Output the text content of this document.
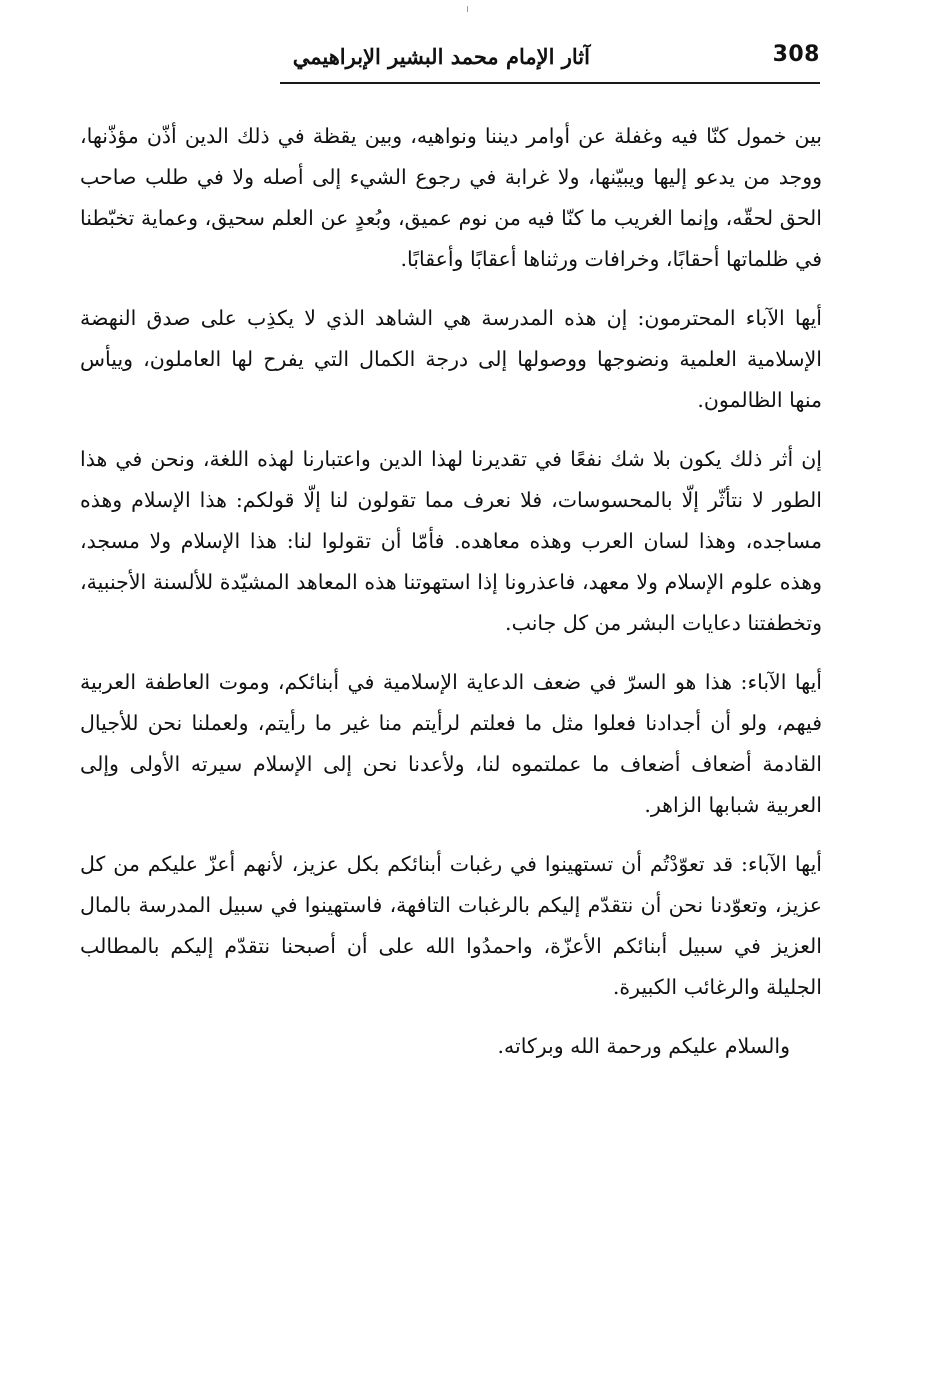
آثار الإمام محمد البشير الإبراهيمي	308

بين خمول كنّا فيه وغفلة عن أوامر ديننا ونواهيه، وبين يقظة في ذلك الدين أذّن مؤذّنها، ووجد من يدعو إليها ويبيّنها، ولا غرابة في رجوع الشيء إلى أصله ولا في طلب صاحب الحق لحقّه، وإنما الغريب ما كنّا فيه من نوم عميق، وبُعدٍ عن العلم سحيق، وعماية تخبّطنا في ظلماتها أحقابًا، وخرافات ورثناها أعقابًا وأعقابًا.

أيها الآباء المحترمون: إن هذه المدرسة هي الشاهد الذي لا يكذِب على صدق النهضة الإسلامية العلمية ونضوجها ووصولها إلى درجة الكمال التي يفرح لها العاملون، وييأس منها الظالمون.

إن أثر ذلك يكون بلا شك نفعًا في تقديرنا لهذا الدين واعتبارنا لهذه اللغة، ونحن في هذا الطور لا نتأثّر إلّا بالمحسوسات، فلا نعرف مما تقولون لنا إلّا قولكم: هذا الإسلام وهذه مساجده، وهذا لسان العرب وهذه معاهده. فأمّا أن تقولوا لنا: هذا الإسلام ولا مسجد، وهذه علوم الإسلام ولا معهد، فاعذرونا إذا استهوتنا هذه المعاهد المشيّدة للألسنة الأجنبية، وتخطفتنا دعايات البشر من كل جانب.

أيها الآباء: هذا هو السرّ في ضعف الدعاية الإسلامية في أبنائكم، وموت العاطفة العربية فيهم، ولو أن أجدادنا فعلوا مثل ما فعلتم لرأيتم منا غير ما رأيتم، ولعملنا نحن للأجيال القادمة أضعاف أضعاف ما عملتموه لنا، ولأعدنا نحن إلى الإسلام سيرته الأولى وإلى العربية شبابها الزاهر.

أيها الآباء: قد تعوّدْتُم أن تستهينوا في رغبات أبنائكم بكل عزيز، لأنهم أعزّ عليكم من كل عزيز، وتعوّدنا نحن أن نتقدّم إليكم بالرغبات التافهة، فاستهينوا في سبيل المدرسة بالمال العزيز في سبيل أبنائكم الأعزّة، واحمدُوا الله على أن أصبحنا نتقدّم إليكم بالمطالب الجليلة والرغائب الكبيرة.

والسلام عليكم ورحمة الله وبركاته.
